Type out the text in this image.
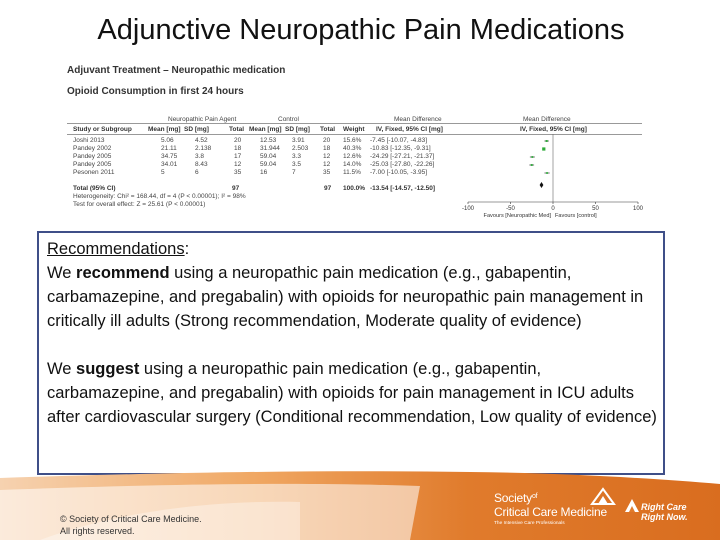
Adjunctive Neuropathic Pain Medications
Adjuvant Treatment – Neuropathic medication
Opioid Consumption in first 24 hours
Neuropathic Pain Agent	Control	Mean Difference	Mean Difference
Study or Subgroup Mean [mg] SD [mg]	Total Mean [mg] SD [mg] Total Weight IV, Fixed, 95% CI [mg]	IV, Fixed, 95% CI [mg]
Joshi 2013	5.06	4.52	20	12.53 3.91	20 15.6% -7.45 [-10.07, -4.83]
Pandey 2002	21.11	2.138	18	31.944 2.503 18 40.3% -10.83 [-12.35, -9.31]
Pandey 2005	34.75	3.8	17	59.04 3.3	12 12.6% -24.29 [-27.21, -21.37]
Pandey 2005	34.01	8.43	12	59.04 3.5	12 14.0% -25.03 [-27.80, -22.26]
Pesonen 2011	5	6	35	16	7	35 11.5% -7.00 [-10.05, -3.95]
Total (95% CI)	97	97 100.0% -13.54 [-14.57, -12.50]
Heterogeneity: Chi² = 168.44, df = 4 (P < 0.00001); I² = 98%
Test for overall effect: Z = 25.61 (P < 0.00001)
-100	-50	0	50	100
Favours [Neuropathic Med] Favours [control]

Recommendations:

We recommend using a neuropathic pain medication (e.g., gabapentin, carbamazepine, and pregabalin) with opioids for neuropathic pain management in critically ill adults (Strong recommendation, Moderate quality of evidence)

We suggest using a neuropathic pain medication (e.g., gabapentin, carbamazepine, and pregabalin) with opioids for pain management in ICU adults after cardiovascular surgery (Conditional recommendation, Low quality of evidence)

© Society of Critical Care Medicine.
All rights reserved.
Society$^{of}$
Critical Care Medicine
The Intensive Care Professionals
Right Care
Right Now.
